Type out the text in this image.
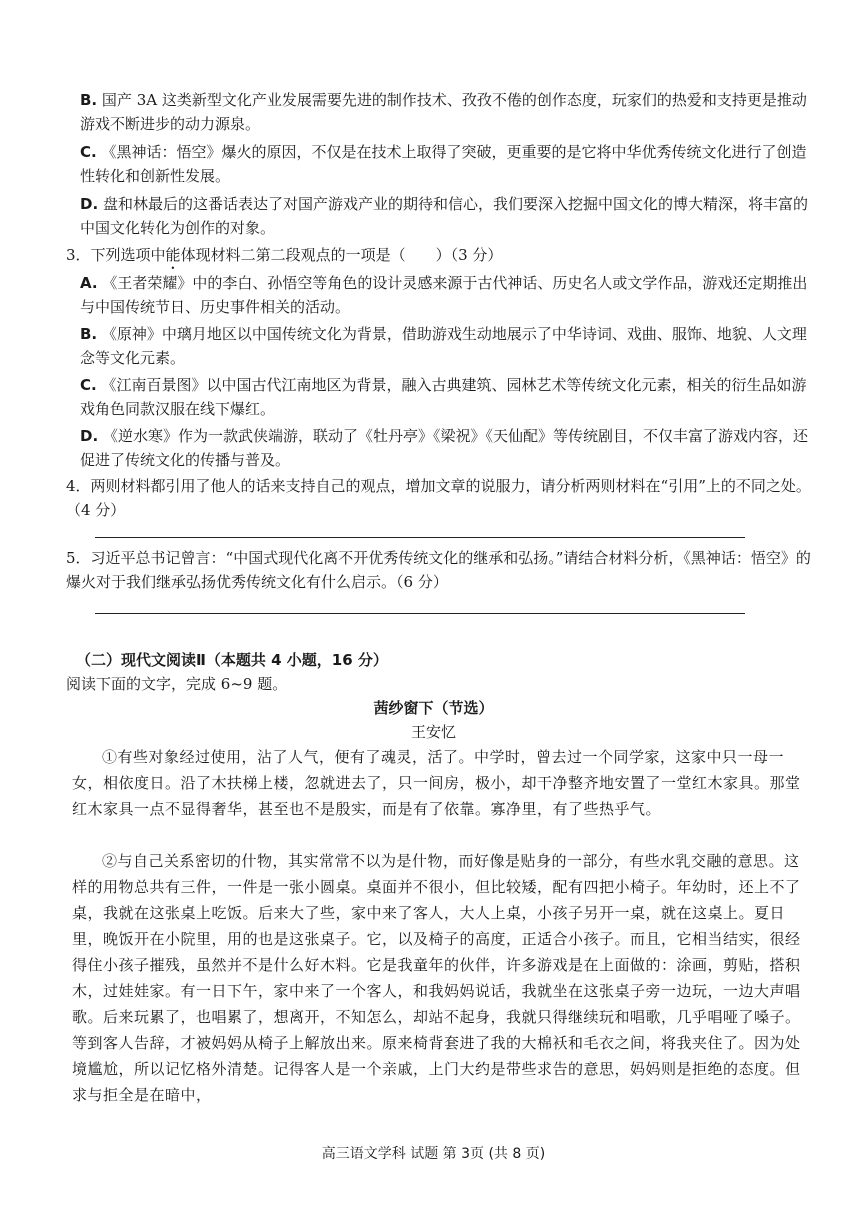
B. 国产 3A 这类新型文化产业发展需要先进的制作技术、孜孜不倦的创作态度，玩家们的热爱和支持更是推动游戏不断进步的动力源泉。
C. 《黑神话：悟空》爆火的原因，不仅是在技术上取得了突破，更重要的是它将中华优秀传统文化进行了创造性转化和创新性发展。
D. 盘和林最后的这番话表达了对国产游戏产业的期待和信心，我们要深入挖掘中国文化的博大精深，将丰富的中国文化转化为创作的对象。
3．下列选项中能体现材料二第二段观点的一项是（　　）（3 分）
A. 《王者荣耀》中的李白、孙悟空等角色的设计灵感来源于古代神话、历史名人或文学作品，游戏还定期推出与中国传统节日、历史事件相关的活动。
B. 《原神》中璃月地区以中国传统文化为背景，借助游戏生动地展示了中华诗词、戏曲、服饰、地貌、人文理念等文化元素。
C. 《江南百景图》以中国古代江南地区为背景，融入古典建筑、园林艺术等传统文化元素，相关的衍生品如游戏角色同款汉服在线下爆红。
D. 《逆水寒》作为一款武侠端游，联动了《牡丹亭》《梁祝》《天仙配》等传统剧目，不仅丰富了游戏内容，还促进了传统文化的传播与普及。
4．两则材料都引用了他人的话来支持自己的观点，增加文章的说服力，请分析两则材料在“引用”上的不同之处。（4 分）
5．习近平总书记曾言：“中国式现代化离不开优秀传统文化的继承和弘扬。”请结合材料分析，《黑神话：悟空》的爆火对于我们继承弘扬优秀传统文化有什么启示。（6 分）
（二）现代文阅读Ⅱ（本题共 4 小题，16 分）
阅读下面的文字，完成 6~9 题。
茜纱窗下（节选）
王安忆
①有些对象经过使用，沾了人气，便有了魂灵，活了。中学时，曾去过一个同学家，这家中只一母一女，相依度日。沿了木扶梯上楼，忽就进去了，只一间房，极小，却干净整齐地安置了一堂红木家具。那堂红木家具一点不显得奢华，甚至也不是殷实，而是有了依靠。寡净里，有了些热乎气。
②与自己关系密切的什物，其实常常不以为是什物，而好像是贴身的一部分，有些水乳交融的意思。这样的用物总共有三件，一件是一张小圆桌。桌面并不很小，但比较矮，配有四把小椅子。年幼时，还上不了桌，我就在这张桌上吃饭。后来大了些，家中来了客人，大人上桌，小孩子另开一桌，就在这桌上。夏日里，晚饭开在小院里，用的也是这张桌子。它，以及椅子的高度，正适合小孩子。而且，它相当结实，很经得住小孩子摧残，虽然并不是什么好木料。它是我童年的伙伴，许多游戏是在上面做的：涂画，剪贴，搭积木，过娃娃家。有一日下午，家中来了一个客人，和我妈妈说话，我就坐在这张桌子旁一边玩，一边大声唱歌。后来玩累了，也唱累了，想离开，不知怎么，却站不起身，我就只得继续玩和唱歌，几乎唱哑了嗓子。等到客人告辞，才被妈妈从椅子上解放出来。原来椅背套进了我的大棉袄和毛衣之间，将我夹住了。因为处境尴尬，所以记忆格外清楚。记得客人是一个亲戚，上门大约是带些求告的意思，妈妈则是拒绝的态度。但求与拒全是在暗中，
高三语文学科 试题 第 3页 (共 8 页)
